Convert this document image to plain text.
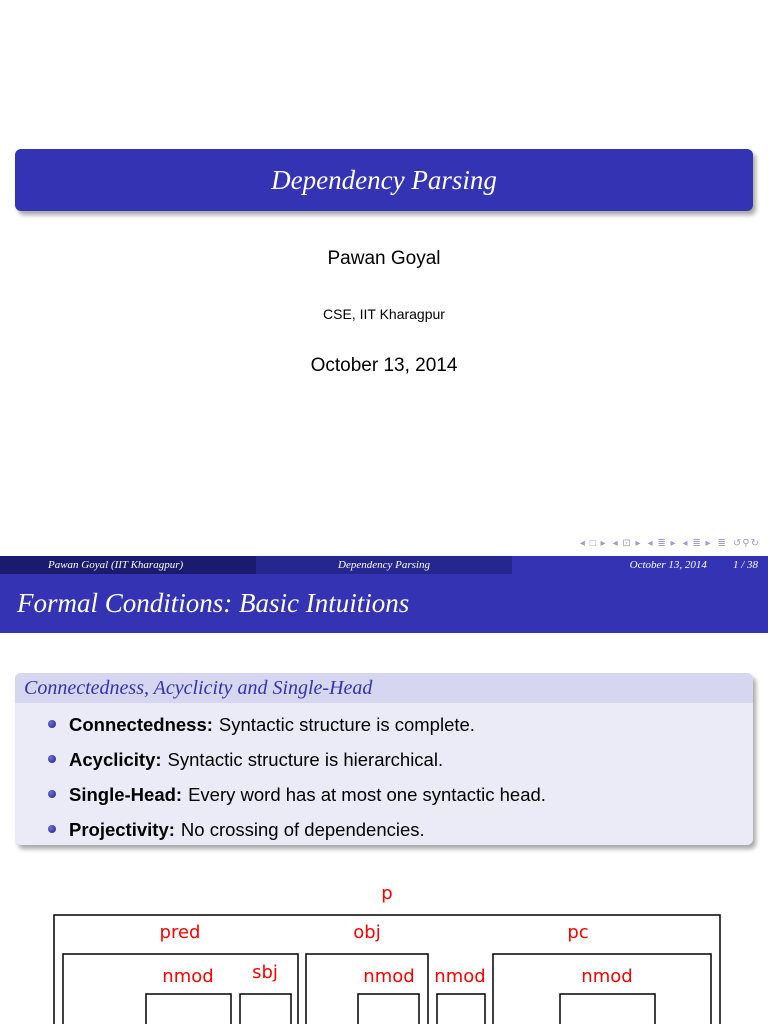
Dependency Parsing
Pawan Goyal
CSE, IIT Kharagpur
October 13, 2014
◂ □ ▸ ◂ ⊡ ▸ ◂ ≣ ▸ ◂ ≣ ▸ ≣ ↺⚲↻
Pawan Goyal (IIT Kharagpur)	Dependency Parsing	October 13, 2014 1 / 38
Formal Conditions: Basic Intuitions
Connectedness, Acyclicity and Single-Head
Connectedness: Syntactic structure is complete.
Acyclicity: Syntactic structure is hierarchical.
Single-Head: Every word has at most one syntactic head.
Projectivity: No crossing of dependencies.
p
pred	obj	pc
nmod sbj	nmod nmod	nmod
